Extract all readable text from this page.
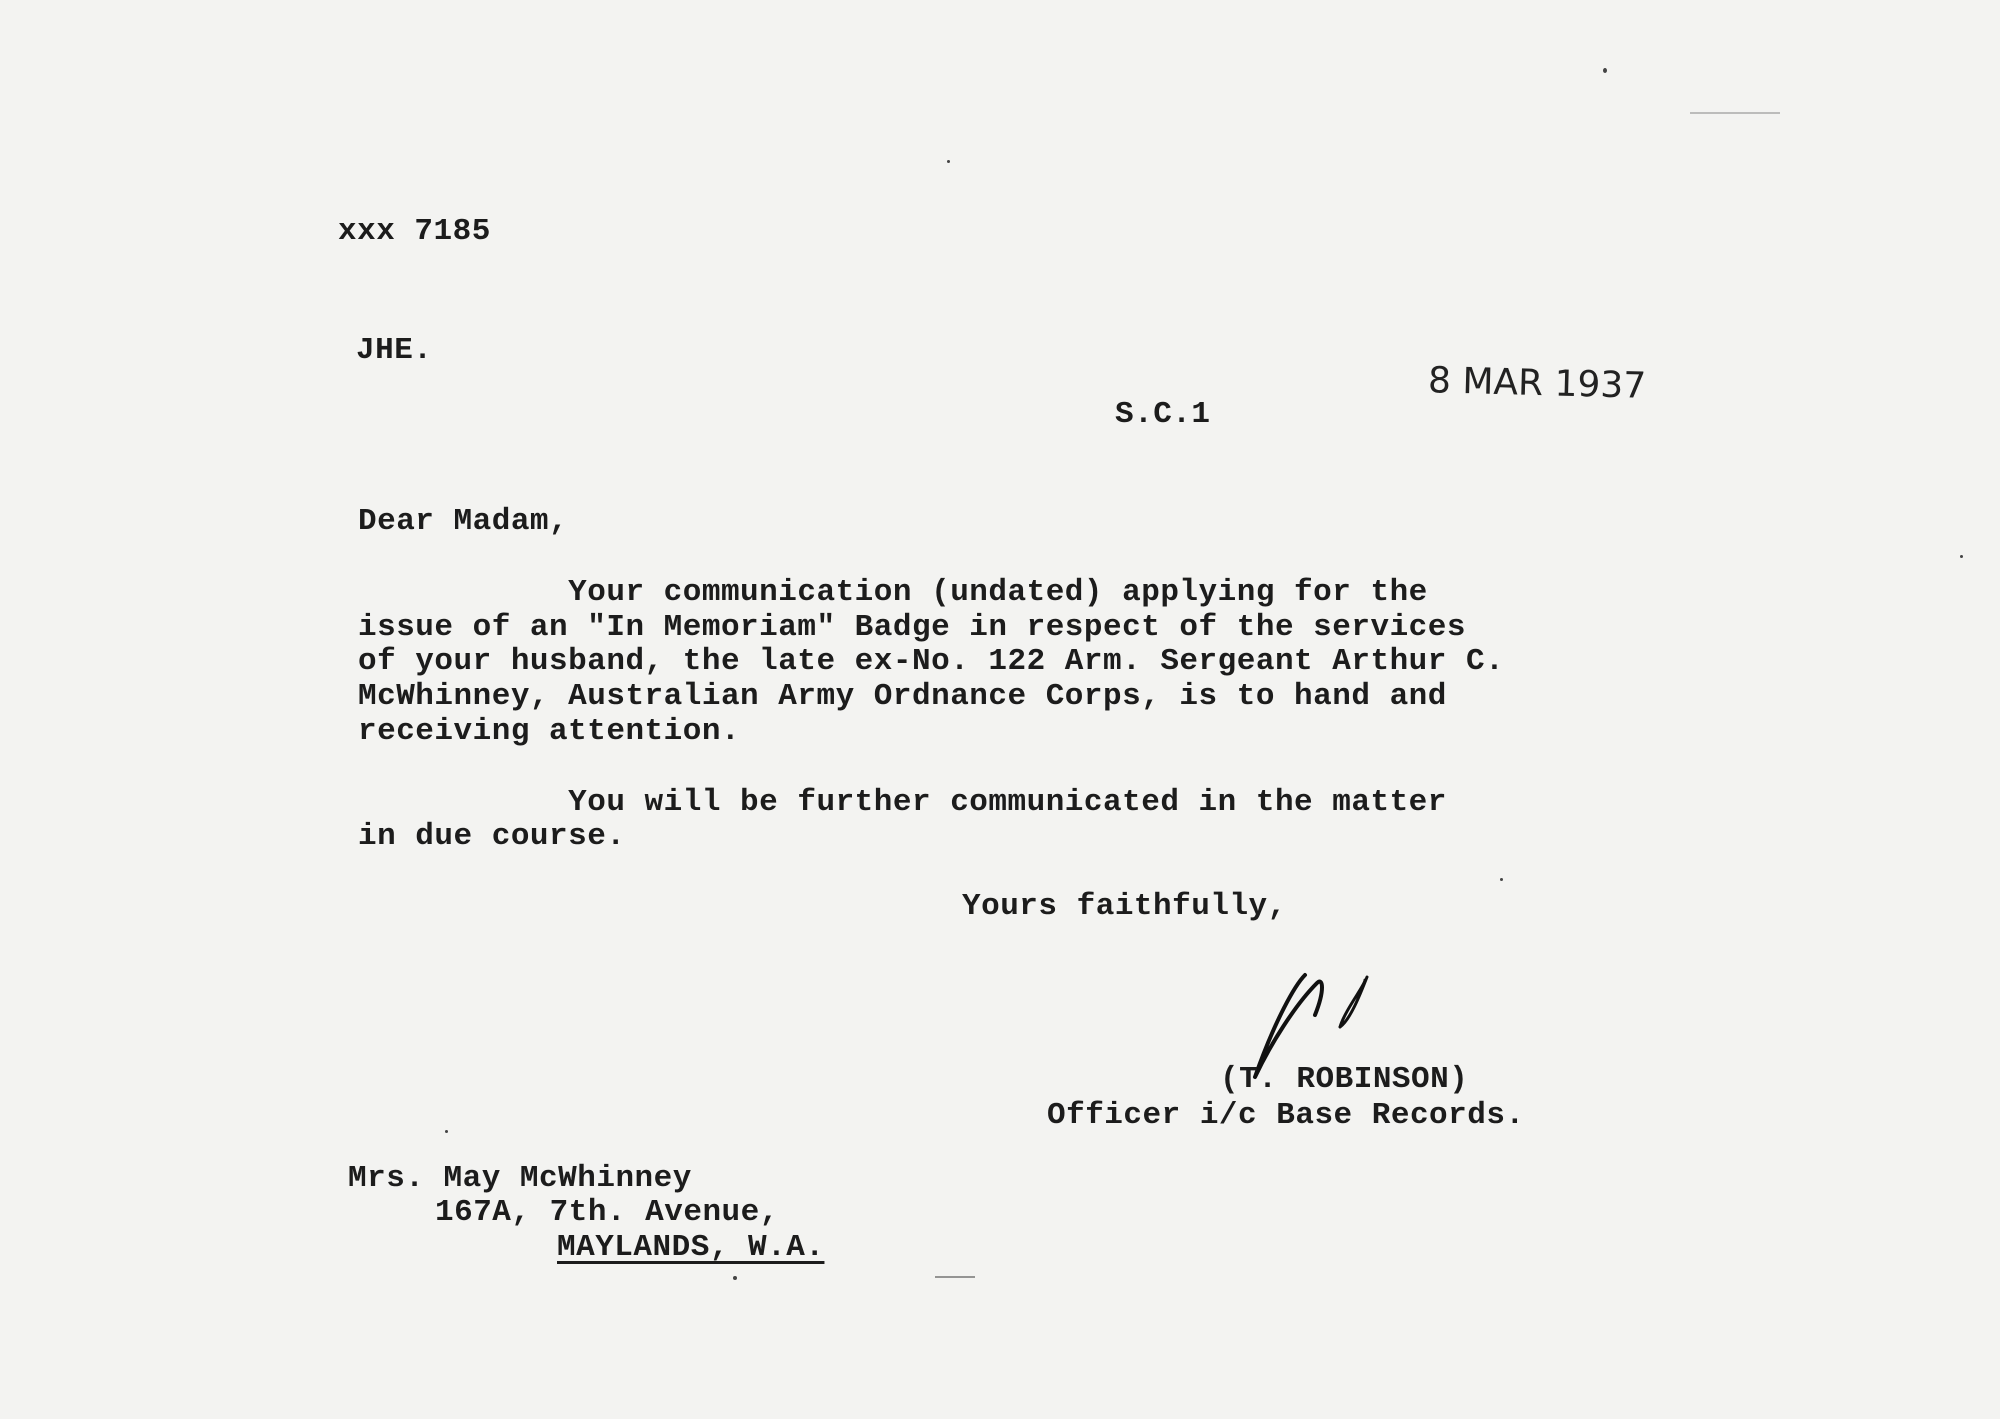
xxx 7185
JHE.
8 MAR 1937
S.C.1
Dear Madam,
Your communication (undated) applying for the
issue of an "In Memoriam" Badge in respect of the services
of your husband, the late ex-No. 122 Arm. Sergeant Arthur C.
McWhinney, Australian Army Ordnance Corps, is to hand and
receiving attention.
You will be further communicated in the matter
in due course.
Yours faithfully,
(T. ROBINSON)
Officer i/c Base Records.
Mrs. May McWhinney
167A, 7th. Avenue,
MAYLANDS, W.A.
